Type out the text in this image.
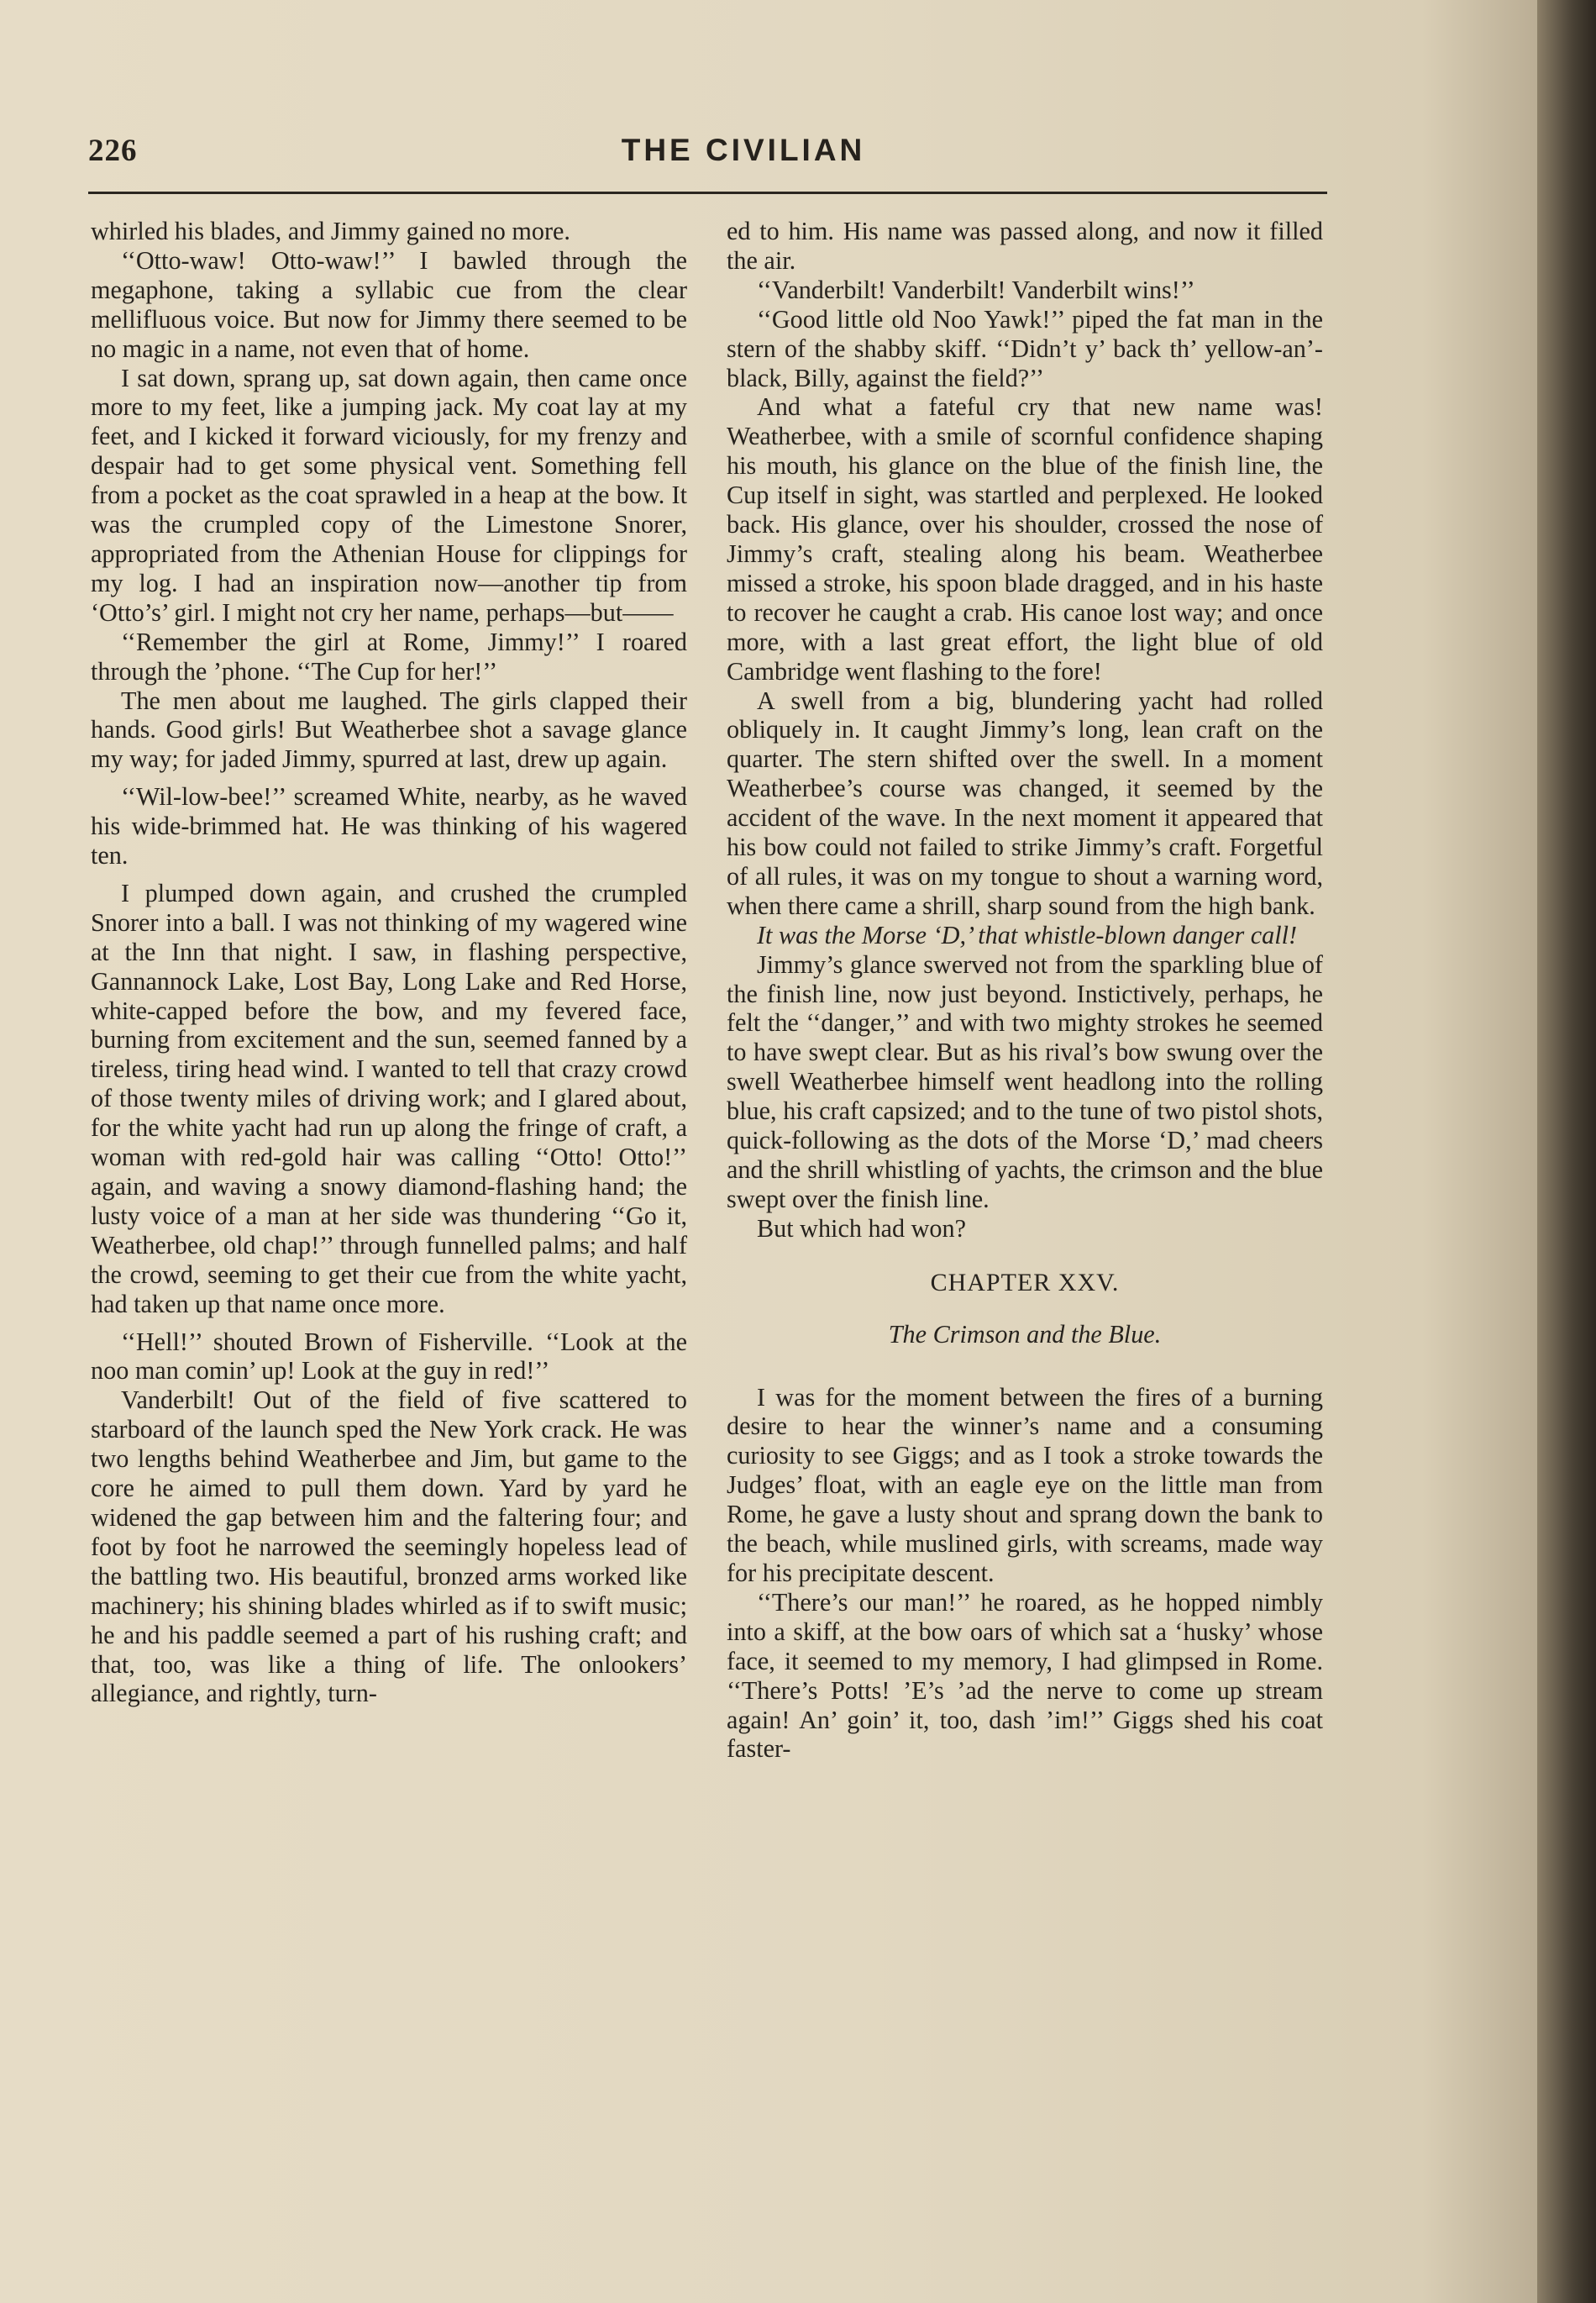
226	THE CIVILIAN

whirled his blades, and Jimmy gained no more.

‘‘Otto-waw! Otto-waw!’’ I bawled through the megaphone, taking a syllabic cue from the clear mellifluous voice. But now for Jimmy there seemed to be no magic in a name, not even that of home.

I sat down, sprang up, sat down again, then came once more to my feet, like a jumping jack. My coat lay at my feet, and I kicked it forward viciously, for my frenzy and despair had to get some physical vent. Something fell from a pocket as the coat sprawled in a heap at the bow. It was the crumpled copy of the Limestone Snorer, appropriated from the Athenian House for clippings for my log. I had an inspiration now—another tip from ‘Otto’s’ girl. I might not cry her name, perhaps—but——

‘‘Remember the girl at Rome, Jimmy!’’ I roared through the ’phone. ‘‘The Cup for her!’’

The men about me laughed. The girls clapped their hands. Good girls! But Weatherbee shot a savage glance my way; for jaded Jimmy, spurred at last, drew up again.

‘‘Wil-low-bee!’’ screamed White, nearby, as he waved his wide-brimmed hat. He was thinking of his wagered ten.

I plumped down again, and crushed the crumpled Snorer into a ball. I was not thinking of my wagered wine at the Inn that night. I saw, in flashing perspective, Gannannock Lake, Lost Bay, Long Lake and Red Horse, white-capped before the bow, and my fevered face, burning from excitement and the sun, seemed fanned by a tireless, tiring head wind. I wanted to tell that crazy crowd of those twenty miles of driving work; and I glared about, for the white yacht had run up along the fringe of craft, a woman with red-gold hair was calling ‘‘Otto! Otto!’’ again, and waving a snowy diamond-flashing hand; the lusty voice of a man at her side was thundering ‘‘Go it, Weatherbee, old chap!’’ through funnelled palms; and half the crowd, seeming to get their cue from the white yacht, had taken up that name once more.

‘‘Hell!’’ shouted Brown of Fisherville. ‘‘Look at the noo man comin’ up! Look at the guy in red!’’

Vanderbilt! Out of the field of five scattered to starboard of the launch sped the New York crack. He was two lengths behind Weatherbee and Jim, but game to the core he aimed to pull them down. Yard by yard he widened the gap between him and the faltering four; and foot by foot he narrowed the seemingly hopeless lead of the battling two. His beautiful, bronzed arms worked like machinery; his shining blades whirled as if to swift music; he and his paddle seemed a part of his rushing craft; and that, too, was like a thing of life. The onlookers’ allegiance, and rightly, turn-

ed to him. His name was passed along, and now it filled the air.

‘‘Vanderbilt! Vanderbilt! Vanderbilt wins!’’

‘‘Good little old Noo Yawk!’’ piped the fat man in the stern of the shabby skiff. ‘‘Didn’t y’ back th’ yellow-an’-black, Billy, against the field?’’

And what a fateful cry that new name was! Weatherbee, with a smile of scornful confidence shaping his mouth, his glance on the blue of the finish line, the Cup itself in sight, was startled and perplexed. He looked back. His glance, over his shoulder, crossed the nose of Jimmy’s craft, stealing along his beam. Weatherbee missed a stroke, his spoon blade dragged, and in his haste to recover he caught a crab. His canoe lost way; and once more, with a last great effort, the light blue of old Cambridge went flashing to the fore!

A swell from a big, blundering yacht had rolled obliquely in. It caught Jimmy’s long, lean craft on the quarter. The stern shifted over the swell. In a moment Weatherbee’s course was changed, it seemed by the accident of the wave. In the next moment it appeared that his bow could not failed to strike Jimmy’s craft. Forgetful of all rules, it was on my tongue to shout a warning word, when there came a shrill, sharp sound from the high bank.

It was the Morse ‘D,’ that whistle-blown danger call!

Jimmy’s glance swerved not from the sparkling blue of the finish line, now just beyond. Instictively, perhaps, he felt the ‘‘danger,’’ and with two mighty strokes he seemed to have swept clear. But as his rival’s bow swung over the swell Weatherbee himself went headlong into the rolling blue, his craft capsized; and to the tune of two pistol shots, quick-following as the dots of the Morse ‘D,’ mad cheers and the shrill whistling of yachts, the crimson and the blue swept over the finish line.

But which had won?

CHAPTER XXV.

The Crimson and the Blue.

I was for the moment between the fires of a burning desire to hear the winner’s name and a consuming curiosity to see Giggs; and as I took a stroke towards the Judges’ float, with an eagle eye on the little man from Rome, he gave a lusty shout and sprang down the bank to the beach, while muslined girls, with screams, made way for his precipitate descent.

‘‘There’s our man!’’ he roared, as he hopped nimbly into a skiff, at the bow oars of which sat a ‘husky’ whose face, it seemed to my memory, I had glimpsed in Rome. ‘‘There’s Potts! ’E’s ’ad the nerve to come up stream again! An’ goin’ it, too, dash ’im!’’ Giggs shed his coat faster-
